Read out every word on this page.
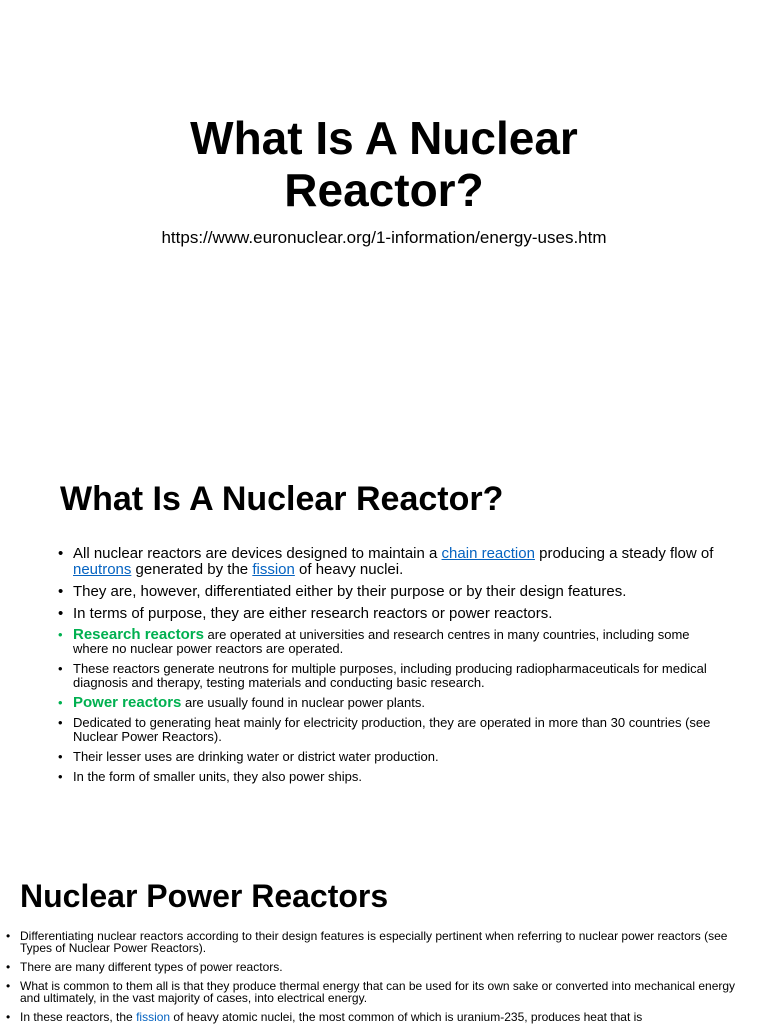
What Is A Nuclear
Reactor?
https://www.euronuclear.org/1-information/energy-uses.htm
What Is A Nuclear Reactor?
• All nuclear reactors are devices designed to maintain a chain reaction producing a steady flow of neutrons generated by the fission of heavy nuclei.
• They are, however, differentiated either by their purpose or by their design features.
• In terms of purpose, they are either research reactors or power reactors.
• Research reactors are operated at universities and research centres in many countries, including some where no nuclear power reactors are operated.
• These reactors generate neutrons for multiple purposes, including producing radiopharmaceuticals for medical diagnosis and therapy, testing materials and conducting basic research.
• Power reactors are usually found in nuclear power plants.
• Dedicated to generating heat mainly for electricity production, they are operated in more than 30 countries (see Nuclear Power Reactors).
• Their lesser uses are drinking water or district water production.
• In the form of smaller units, they also power ships.
Nuclear Power Reactors
• Differentiating nuclear reactors according to their design features is especially pertinent when referring to nuclear power reactors (see Types of Nuclear Power Reactors).
• There are many different types of power reactors.
• What is common to them all is that they produce thermal energy that can be used for its own sake or converted into mechanical energy and ultimately, in the vast majority of cases, into electrical energy.
• In these reactors, the fission of heavy atomic nuclei, the most common of which is uranium-235, produces heat that is
